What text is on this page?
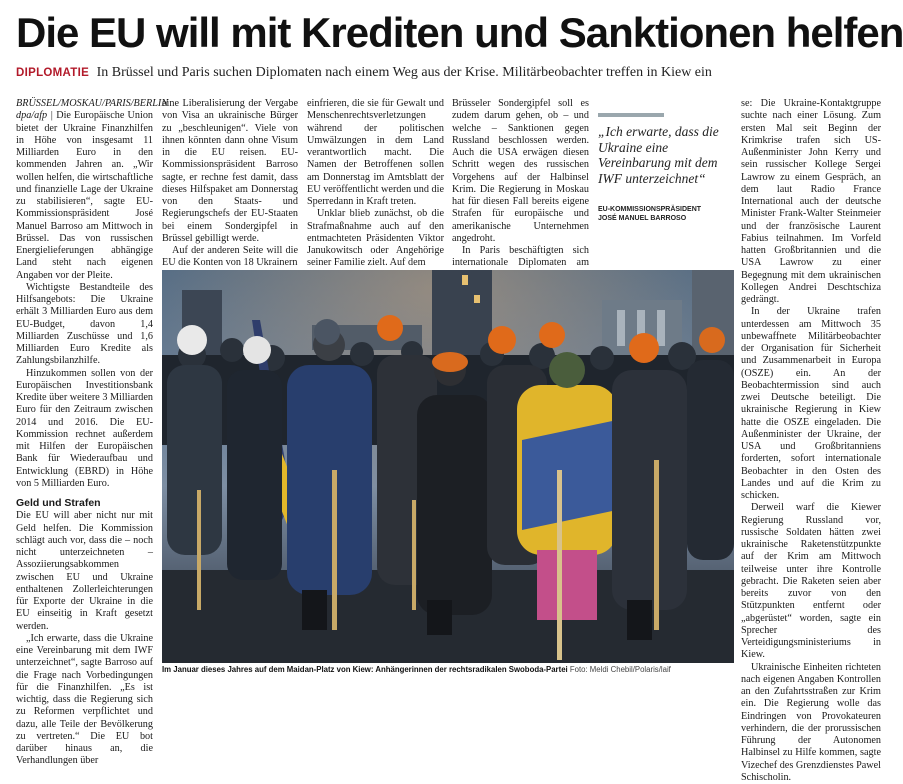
Die EU will mit Krediten und Sanktionen helfen
DIPLOMATIE In Brüssel und Paris suchen Diplomaten nach einem Weg aus der Krise. Militärbeobachter treffen in Kiew ein

BRÜSSEL/MOSKAU/PARIS/BERLIN dpa/afp | Die Europäische Union bietet der Ukraine Finanzhilfen in Höhe von insgesamt 11 Milliarden Euro in den kommenden Jahren an. „Wir wollen helfen, die wirtschaftliche und finanzielle Lage der Ukraine zu stabilisieren“, sagte EU-Kommissionspräsident José Manuel Barroso am Mittwoch in Brüssel. Das von russischen Energielieferungen abhängige Land steht nach eigenen Angaben vor der Pleite.

Wichtigste Bestandteile des Hilfsangebots: Die Ukraine erhält 3 Milliarden Euro aus dem EU-Budget, davon 1,4 Milliarden Zuschüsse und 1,6 Milliarden Euro Kredite als Zahlungsbilanzhilfe.

Hinzukommen sollen von der Europäischen Investitionsbank Kredite über weitere 3 Milliarden Euro für den Zeitraum zwischen 2014 und 2016. Die EU-Kommission rechnet außerdem mit Hilfen der Europäischen Bank für Wiederaufbau und Entwicklung (EBRD) in Höhe von 5 Milliarden Euro.

Geld und Strafen

Die EU will aber nicht nur mit Geld helfen. Die Kommission schlägt auch vor, dass die – noch nicht unterzeichneten – Assoziierungsabkommen zwischen EU und Ukraine enthaltenen Zollerleichterungen für Exporte der Ukraine in die EU einseitig in Kraft gesetzt werden.

„Ich erwarte, dass die Ukraine eine Vereinbarung mit dem IWF unterzeichnet“, sagte Barroso auf die Frage nach Vorbedingungen für die Finanzhilfen. „Es ist wichtig, dass die Regierung sich zu Reformen verpflichtet und dazu, alle Teile der Bevölkerung zu vertreten.“ Die EU bot darüber hinaus an, die Verhandlungen über

eine Liberalisierung der Vergabe von Visa an ukrainische Bürger zu „beschleunigen“. Viele von ihnen könnten dann ohne Visum in die EU reisen. EU-Kommissionspräsident Barroso sagte, er rechne fest damit, dass dieses Hilfspaket am Donnerstag von den Staats- und Regierungschefs der EU-Staaten bei einem Sondergipfel in Brüssel gebilligt werde.

Auf der anderen Seite will die EU die Konten von 18 Ukrainern

einfrieren, die sie für Gewalt und Menschenrechtsverletzungen während der politischen Umwälzungen in dem Land verantwortlich macht. Die Namen der Betroffenen sollen am Donnerstag im Amtsblatt der EU veröffentlicht werden und die Sperredann in Kraft treten.

Unklar blieb zunächst, ob die Strafmaßnahme auch auf den entmachteten Präsidenten Viktor Janukowitsch oder Angehörige seiner Familie zielt. Auf dem

Brüsseler Sondergipfel soll es zudem darum gehen, ob – und welche – Sanktionen gegen Russland beschlossen werden. Auch die USA erwägen diesen Schritt wegen des russischen Vorgehens auf der Halbinsel Krim. Die Regierung in Moskau hat für diesen Fall bereits eigene Strafen für europäische und amerikanische Unternehmen angedroht.

In Paris beschäftigten sich internationale Diplomaten am

„Ich erwarte, dass die Ukraine eine Vereinbarung mit dem IWF unterzeichnet“
EU-KOMMISSIONSPRÄSIDENT
JOSÉ MANUEL BARROSO

se: Die Ukraine-Kontaktgruppe suchte nach einer Lösung. Zum ersten Mal seit Beginn der Krimkrise trafen sich US-Außenminister John Kerry und sein russischer Kollege Sergei Lawrow zu einem Gespräch, an dem laut Radio France International auch der deutsche Minister Frank-Walter Steinmeier und der französische Laurent Fabius teilnahmen. Im Vorfeld hatten Großbritannien und die USA Lawrow zu einer Begegnung mit dem ukrainischen Kollegen Andrei Deschtschiza gedrängt.

In der Ukraine trafen unterdessen am Mittwoch 35 unbewaffnete Militärbeobachter der Organisation für Sicherheit und Zusammenarbeit in Europa (OSZE) ein. An der Beobachtermission sind auch zwei Deutsche beteiligt. Die ukrainische Regierung in Kiew hatte die OSZE eingeladen. Die Außenminister der Ukraine, der USA und Großbritanniens forderten, sofort internationale Beobachter in den Osten des Landes und auf die Krim zu schicken.

Derweil warf die Kiewer Regierung Russland vor, russische Soldaten hätten zwei ukrainische Raketenstützpunkte auf der Krim am Mittwoch teilweise unter ihre Kontrolle gebracht. Die Raketen seien aber bereits zuvor von den Stützpunkten entfernt oder „abgerüstet“ worden, sagte ein Sprecher des Verteidigungsministeriums in Kiew.

Ukrainische Einheiten richteten nach eigenen Angaben Kontrollen an den Zufahrtsstraßen zur Krim ein. Die Regierung wolle das Eindringen von Provokateuren verhindern, die der prorussischen Führung der Autonomen Halbinsel zu Hilfe kommen, sagte Vizechef des Grenzdienstes Pawel Schischolin.

Im Januar dieses Jahres auf dem Maidan-Platz von Kiew: Anhängerinnen der rechtsradikalen Swoboda-Partei Foto: Meldi Chebil/Polaris/laif
